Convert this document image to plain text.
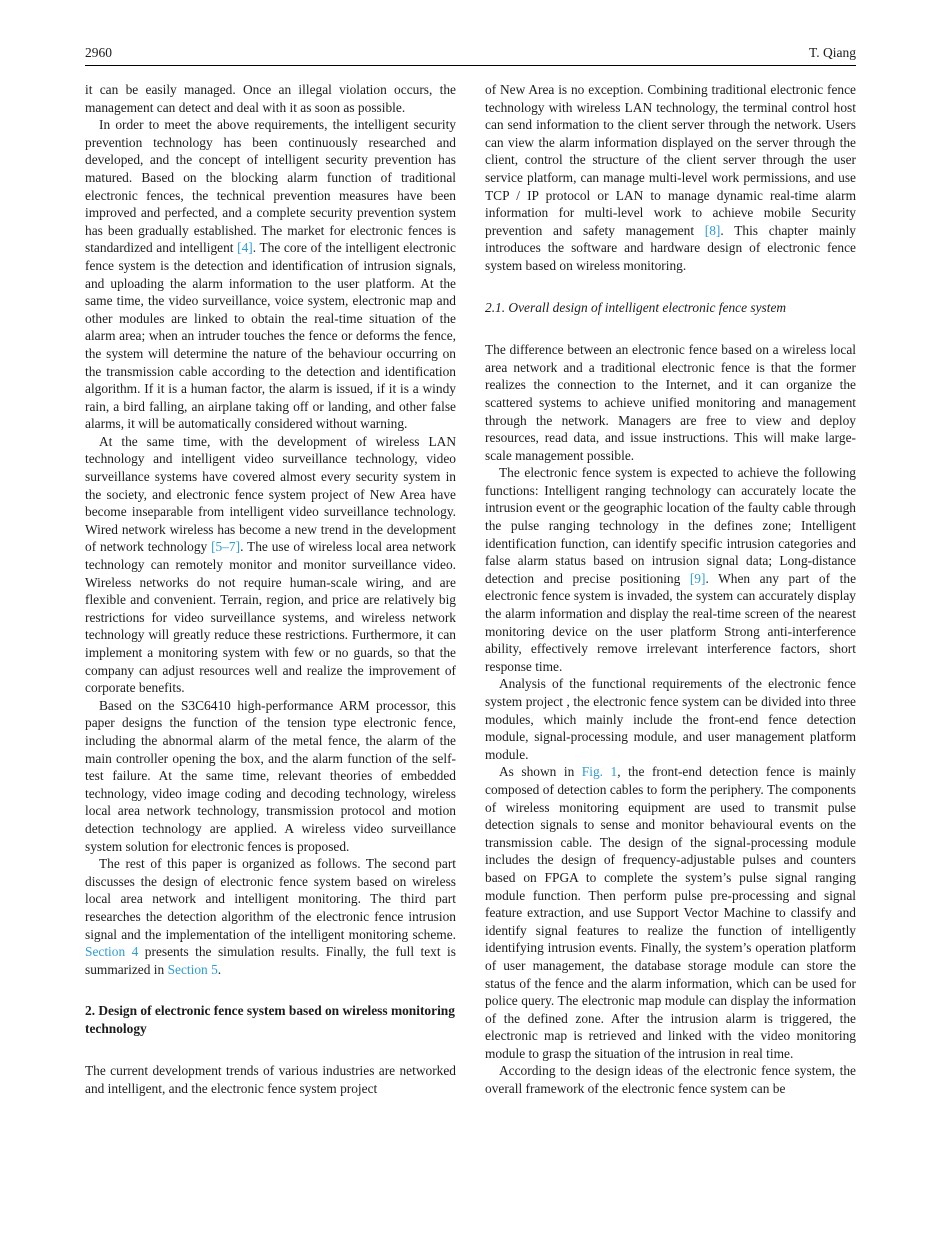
2960	T. Qiang

it can be easily managed. Once an illegal violation occurs, the management can detect and deal with it as soon as possible.

In order to meet the above requirements, the intelligent security prevention technology has been continuously researched and developed, and the concept of intelligent security prevention has matured. Based on the blocking alarm function of traditional electronic fences, the technical prevention measures have been improved and perfected, and a complete security prevention system has been gradually established. The market for electronic fences is standardized and intelligent [4]. The core of the intelligent electronic fence system is the detection and identification of intrusion signals, and uploading the alarm information to the user platform. At the same time, the video surveillance, voice system, electronic map and other modules are linked to obtain the real-time situation of the alarm area; when an intruder touches the fence or deforms the fence, the system will determine the nature of the behaviour occurring on the transmission cable according to the detection and identification algorithm. If it is a human factor, the alarm is issued, if it is a windy rain, a bird falling, an airplane taking off or landing, and other false alarms, it will be automatically considered without warning.

At the same time, with the development of wireless LAN technology and intelligent video surveillance technology, video surveillance systems have covered almost every security system in the society, and electronic fence system project of New Area have become inseparable from intelligent video surveillance technology. Wired network wireless has become a new trend in the development of network technology [5–7]. The use of wireless local area network technology can remotely monitor and monitor surveillance video. Wireless networks do not require human-scale wiring, and are flexible and convenient. Terrain, region, and price are relatively big restrictions for video surveillance systems, and wireless network technology will greatly reduce these restrictions. Furthermore, it can implement a monitoring system with few or no guards, so that the company can adjust resources well and realize the improvement of corporate benefits.

Based on the S3C6410 high-performance ARM processor, this paper designs the function of the tension type electronic fence, including the abnormal alarm of the metal fence, the alarm of the main controller opening the box, and the alarm function of the self-test failure. At the same time, relevant theories of embedded technology, video image coding and decoding technology, wireless local area network technology, transmission protocol and motion detection technology are applied. A wireless video surveillance system solution for electronic fences is proposed.

The rest of this paper is organized as follows. The second part discusses the design of electronic fence system based on wireless local area network and intelligent monitoring. The third part researches the detection algorithm of the electronic fence intrusion signal and the implementation of the intelligent monitoring scheme. Section 4 presents the simulation results. Finally, the full text is summarized in Section 5.

2. Design of electronic fence system based on wireless monitoring technology

The current development trends of various industries are networked and intelligent, and the electronic fence system project

of New Area is no exception. Combining traditional electronic fence technology with wireless LAN technology, the terminal control host can send information to the client server through the network. Users can view the alarm information displayed on the server through the client, control the structure of the client server through the user service platform, can manage multi-level work permissions, and use TCP / IP protocol or LAN to manage dynamic real-time alarm information for multi-level work to achieve mobile Security prevention and safety management [8]. This chapter mainly introduces the software and hardware design of electronic fence system based on wireless monitoring.

2.1. Overall design of intelligent electronic fence system

The difference between an electronic fence based on a wireless local area network and a traditional electronic fence is that the former realizes the connection to the Internet, and it can organize the scattered systems to achieve unified monitoring and management through the network. Managers are free to view and deploy resources, read data, and issue instructions. This will make large-scale management possible.

The electronic fence system is expected to achieve the following functions: Intelligent ranging technology can accurately locate the intrusion event or the geographic location of the faulty cable through the pulse ranging technology in the defines zone; Intelligent identification function, can identify specific intrusion categories and false alarm status based on intrusion signal data; Long-distance detection and precise positioning [9]. When any part of the electronic fence system is invaded, the system can accurately display the alarm information and display the real-time screen of the nearest monitoring device on the user platform Strong anti-interference ability, effectively remove irrelevant interference factors, short response time.

Analysis of the functional requirements of the electronic fence system project , the electronic fence system can be divided into three modules, which mainly include the front-end fence detection module, signal-processing module, and user management platform module.

As shown in Fig. 1, the front-end detection fence is mainly composed of detection cables to form the periphery. The components of wireless monitoring equipment are used to transmit pulse detection signals to sense and monitor behavioural events on the transmission cable. The design of the signal-processing module includes the design of frequency-adjustable pulses and counters based on FPGA to complete the system’s pulse signal ranging module function. Then perform pulse pre-processing and signal feature extraction, and use Support Vector Machine to classify and identify signal features to realize the function of intelligently identifying intrusion events. Finally, the system’s operation platform of user management, the database storage module can store the status of the fence and the alarm information, which can be used for police query. The electronic map module can display the information of the defined zone. After the intrusion alarm is triggered, the electronic map is retrieved and linked with the video monitoring module to grasp the situation of the intrusion in real time.

According to the design ideas of the electronic fence system, the overall framework of the electronic fence system can be
